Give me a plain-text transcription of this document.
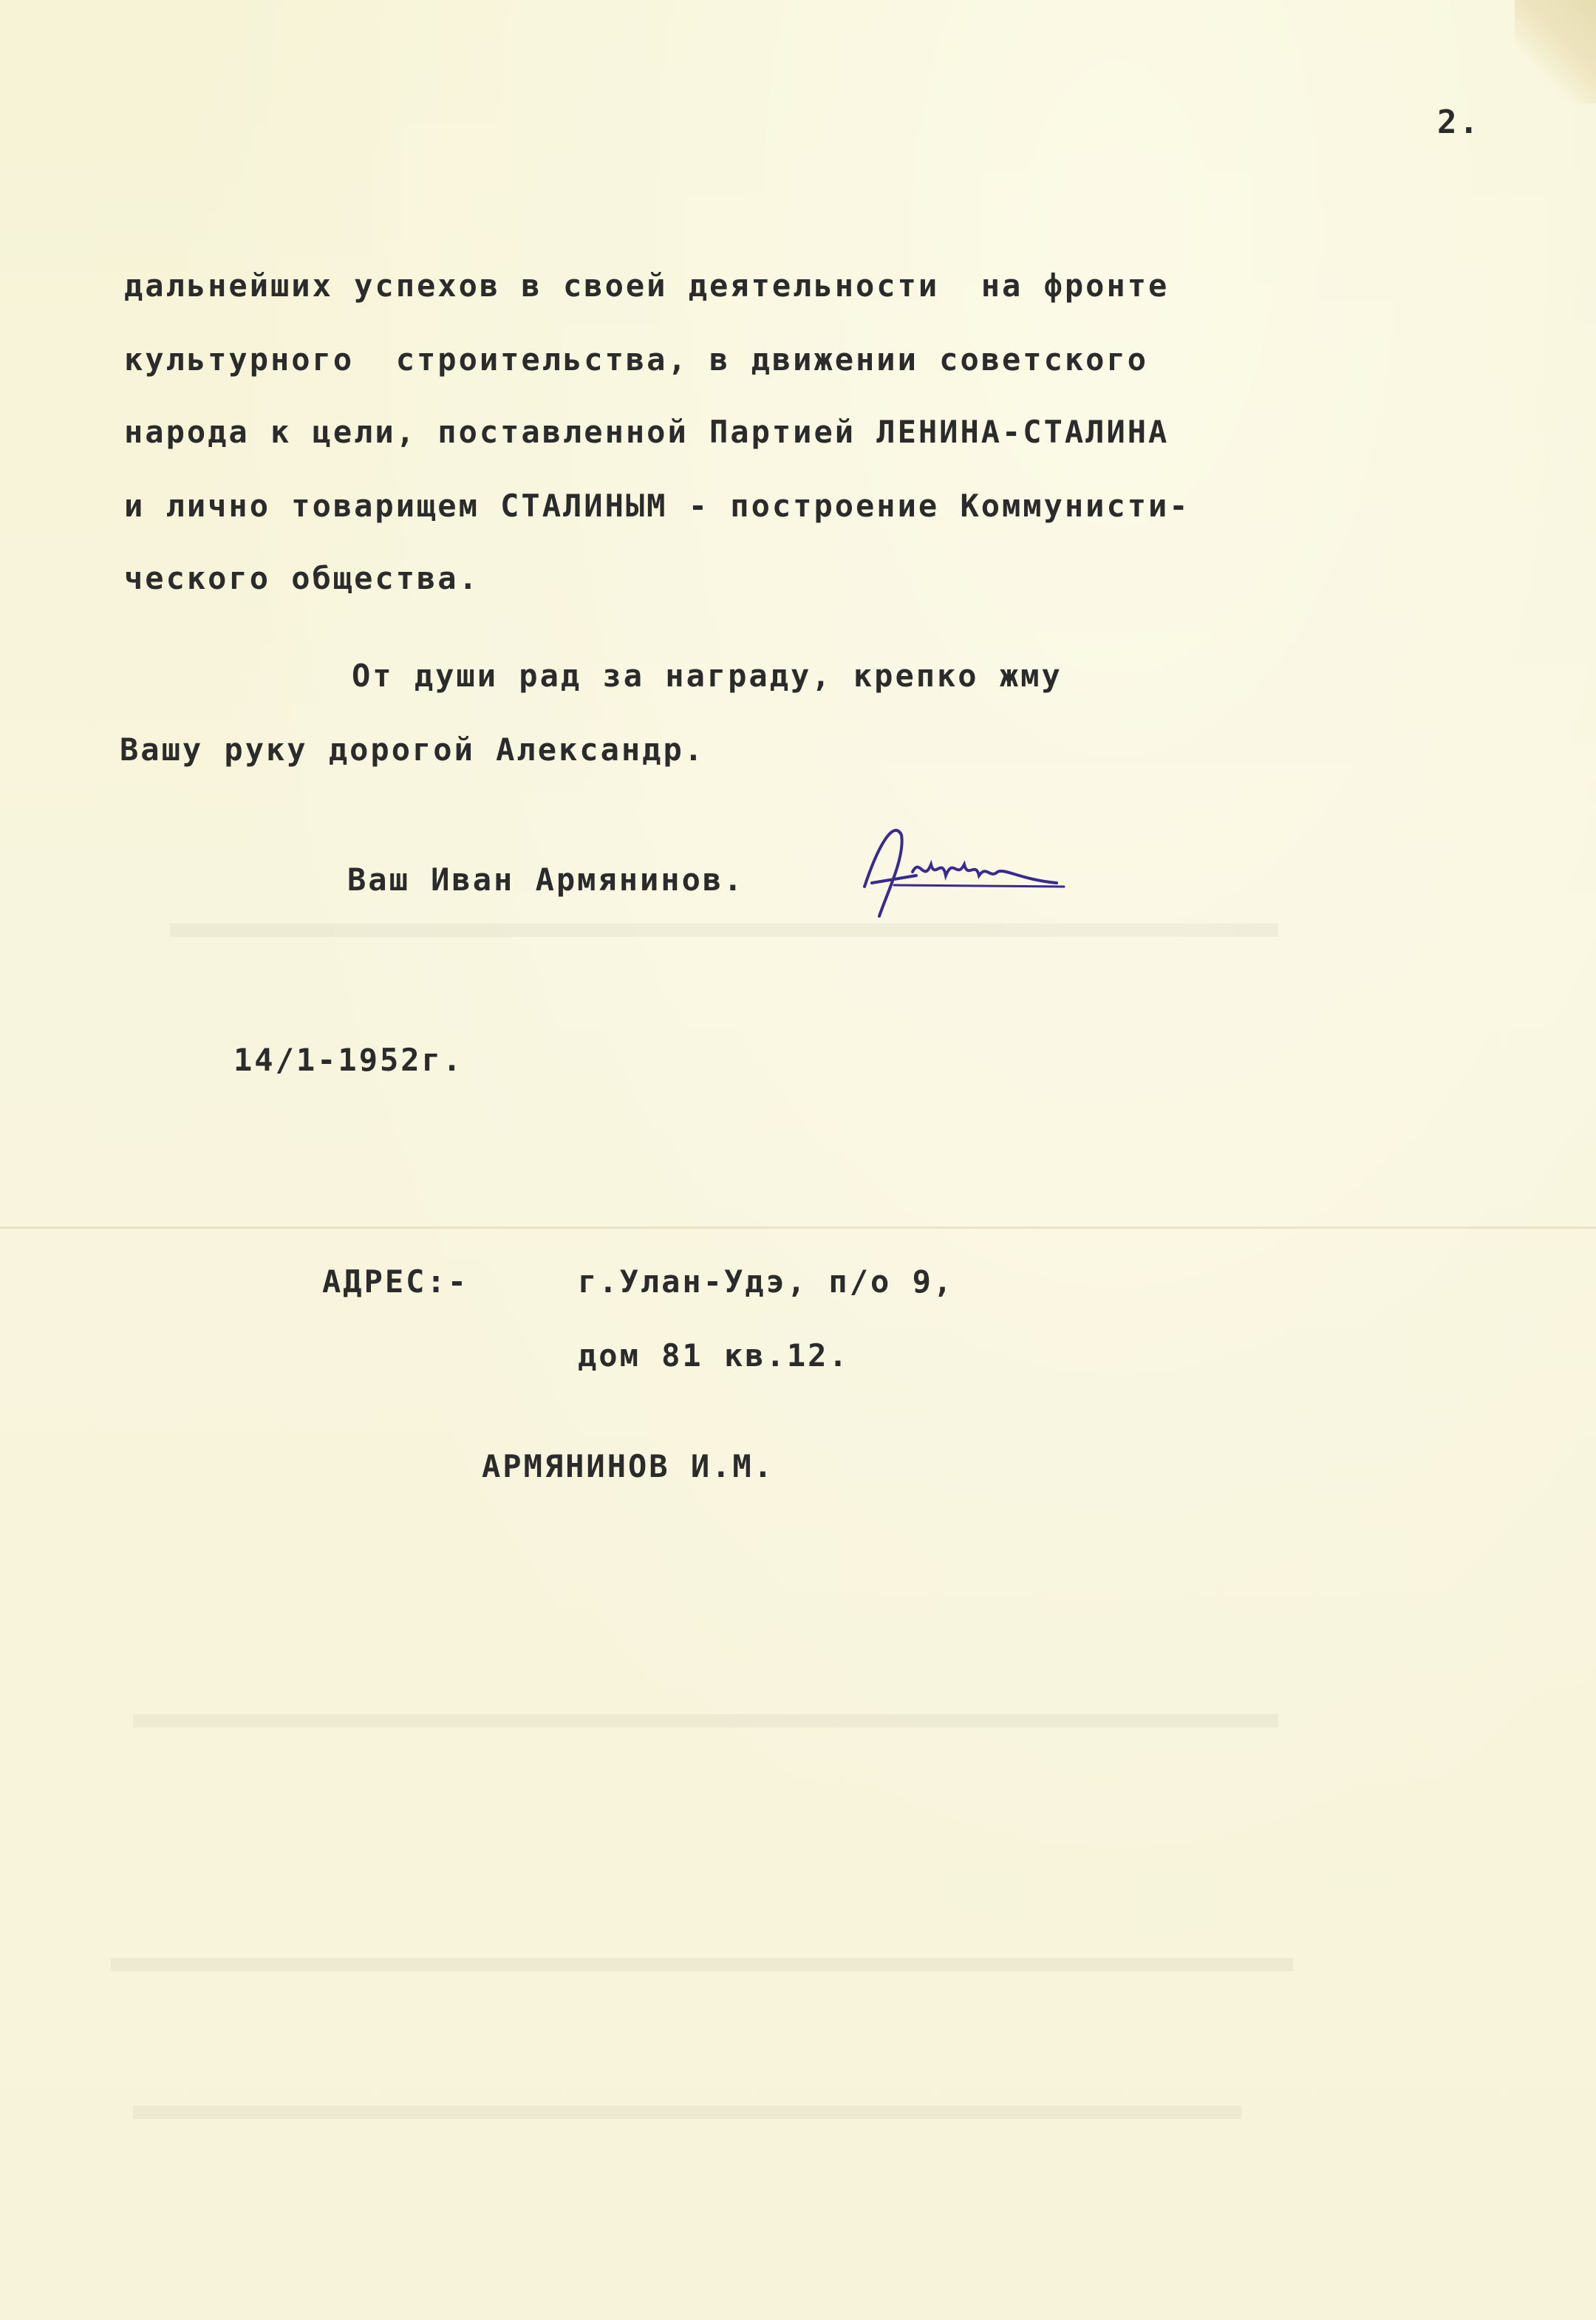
2.
дальнейших успехов в своей деятельности  на фронте
культурного  строительства, в движении советского
народа к цели, поставленной Партией ЛЕНИНА-СТАЛИНА
и лично товарищем СТАЛИНЫМ - построение Коммунисти-
ческого общества.
От души рад за награду, крепко жму
Вашу руку дорогой Александр.
Ваш Иван Армянинов.
14/1-1952г.
АДРЕС:-	г.Улан-Удэ, п/о 9,
дом 81 кв.12.
АРМЯНИНОВ И.М.
